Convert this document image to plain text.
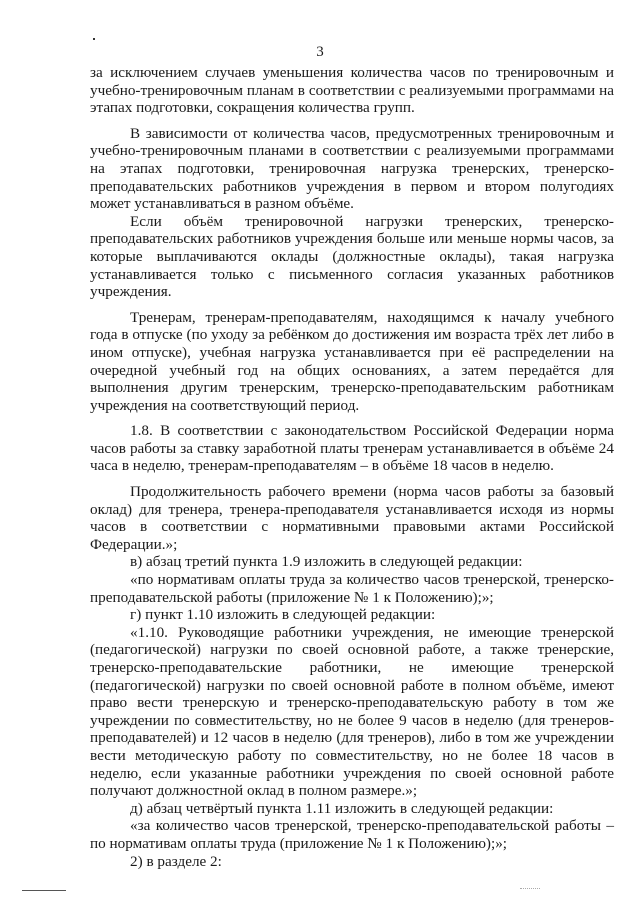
3

за исключением случаев уменьшения количества часов по тренировочным и учебно-тренировочным планам в соответствии с реализуемыми программами на этапах подготовки, сокращения количества групп.

В зависимости от количества часов, предусмотренных тренировочным и учебно-тренировочным планами в соответствии с реализуемыми программами на этапах подготовки, тренировочная нагрузка тренерских, тренерско-преподавательских работников учреждения в первом и втором полугодиях может устанавливаться в разном объёме.

Если объём тренировочной нагрузки тренерских, тренерско-преподавательских работников учреждения больше или меньше нормы часов, за которые выплачиваются оклады (должностные оклады), такая нагрузка устанавливается только с письменного согласия указанных работников учреждения.

Тренерам, тренерам-преподавателям, находящимся к началу учебного года в отпуске (по уходу за ребёнком до достижения им возраста трёх лет либо в ином отпуске), учебная нагрузка устанавливается при её распределении на очередной учебный год на общих основаниях, а затем передаётся для выполнения другим тренерским, тренерско-преподавательским работникам учреждения на соответствующий период.

1.8. В соответствии с законодательством Российской Федерации норма часов работы за ставку заработной платы тренерам устанавливается в объёме 24 часа в неделю, тренерам-преподавателям – в объёме 18 часов в неделю.

Продолжительность рабочего времени (норма часов работы за базовый оклад) для тренера, тренера-преподавателя устанавливается исходя из нормы часов в соответствии с нормативными правовыми актами Российской Федерации.»;

в) абзац третий пункта 1.9 изложить в следующей редакции:

«по нормативам оплаты труда за количество часов тренерской, тренерско-преподавательской работы (приложение № 1 к Положению);»;

г) пункт 1.10 изложить в следующей редакции:

«1.10. Руководящие работники учреждения, не имеющие тренерской (педагогической) нагрузки по своей основной работе, а также тренерские, тренерско-преподавательские работники, не имеющие тренерской (педагогической) нагрузки по своей основной работе в полном объёме, имеют право вести тренерскую и тренерско-преподавательскую работу в том же учреждении по совместительству, но не более 9 часов в неделю (для тренеров-преподавателей) и 12 часов в неделю (для тренеров), либо в том же учреждении вести методическую работу по совместительству, но не более 18 часов в неделю, если указанные работники учреждения по своей основной работе получают должностной оклад в полном размере.»;

д) абзац четвёртый пункта 1.11 изложить в следующей редакции:

«за количество часов тренерской, тренерско-преподавательской работы – по нормативам оплаты труда (приложение № 1 к Положению);»;

2) в разделе 2:
